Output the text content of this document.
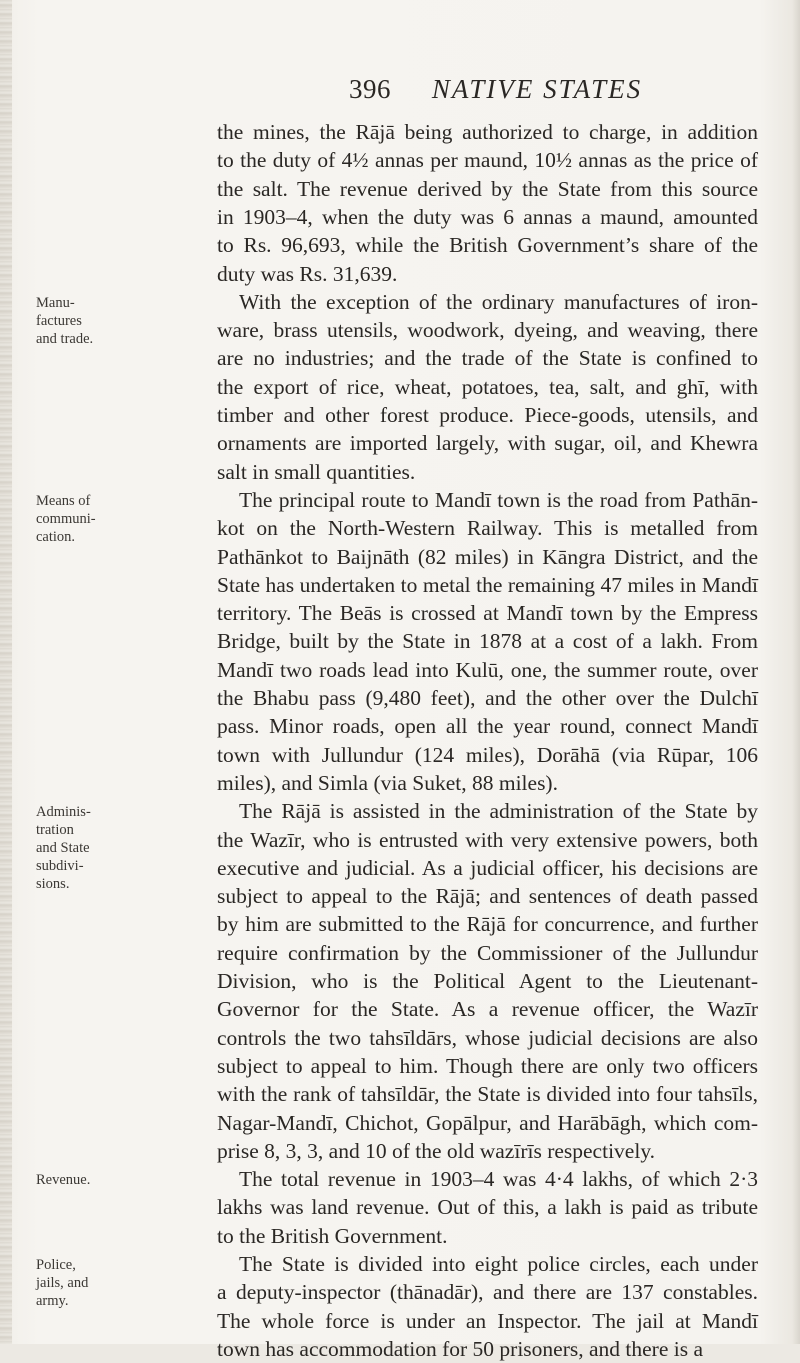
396	NATIVE STATES
the mines, the Rājā being authorized to charge, in addition
to the duty of 4½ annas per maund, 10½ annas as the price of
the salt. The revenue derived by the State from this source
in 1903–4, when the duty was 6 annas a maund, amounted
to Rs. 96,693, while the British Government’s share of the
duty was Rs. 31,639.
With the exception of the ordinary manufactures of iron-
ware, brass utensils, woodwork, dyeing, and weaving, there
are no industries; and the trade of the State is confined to
the export of rice, wheat, potatoes, tea, salt, and ghī, with
timber and other forest produce. Piece-goods, utensils, and
ornaments are imported largely, with sugar, oil, and Khewra
salt in small quantities.
The principal route to Mandī town is the road from Pathān-
kot on the North-Western Railway. This is metalled from
Pathānkot to Baijnāth (82 miles) in Kāngra District, and the
State has undertaken to metal the remaining 47 miles in Mandī
territory. The Beās is crossed at Mandī town by the Empress
Bridge, built by the State in 1878 at a cost of a lakh. From
Mandī two roads lead into Kulū, one, the summer route, over
the Bhabu pass (9,480 feet), and the other over the Dulchī
pass. Minor roads, open all the year round, connect Mandī
town with Jullundur (124 miles), Dorāhā (via Rūpar, 106
miles), and Simla (via Suket, 88 miles).
The Rājā is assisted in the administration of the State by
the Wazīr, who is entrusted with very extensive powers, both
executive and judicial. As a judicial officer, his decisions are
subject to appeal to the Rājā; and sentences of death passed
by him are submitted to the Rājā for concurrence, and further
require confirmation by the Commissioner of the Jullundur
Division, who is the Political Agent to the Lieutenant-
Governor for the State. As a revenue officer, the Wazīr
controls the two tahsīldārs, whose judicial decisions are also
subject to appeal to him. Though there are only two officers
with the rank of tahsīldār, the State is divided into four tahsīls,
Nagar-Mandī, Chichot, Gopālpur, and Harābāgh, which com-
prise 8, 3, 3, and 10 of the old wazīrīs respectively.
The total revenue in 1903–4 was 4·4 lakhs, of which 2·3
lakhs was land revenue. Out of this, a lakh is paid as tribute
to the British Government.
The State is divided into eight police circles, each under
a deputy-inspector (thānadār), and there are 137 constables.
The whole force is under an Inspector. The jail at Mandī
town has accommodation for 50 prisoners, and there is a
Manu-
factures
and trade.
Means of
communi-
cation.
Adminis-
tration
and State
subdivi-
sions.
Revenue.
Police,
jails, and
army.
